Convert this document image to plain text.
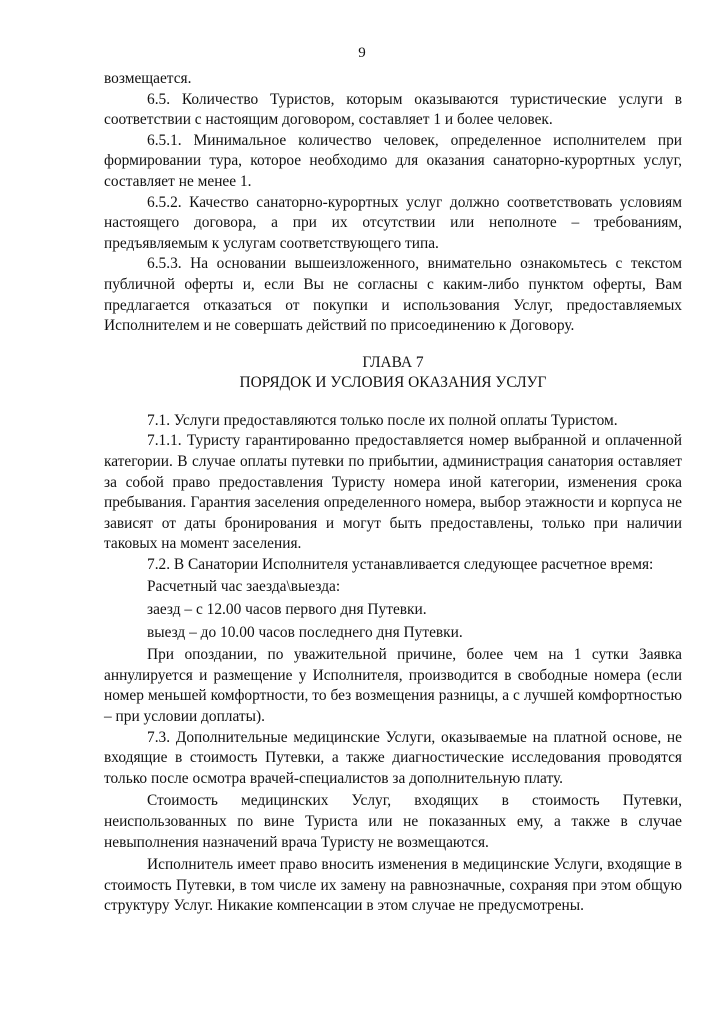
9

возмещается.

6.5. Количество Туристов, которым оказываются туристические услуги в соответствии с настоящим договором, составляет 1 и более человек.

6.5.1. Минимальное количество человек, определенное исполнителем при формировании тура, которое необходимо для оказания санаторно-курортных услуг, составляет не менее 1.

6.5.2. Качество санаторно-курортных услуг должно соответствовать условиям настоящего договора, а при их отсутствии или неполноте – требованиям, предъявляемым к услугам соответствующего типа.

6.5.3. На основании вышеизложенного, внимательно ознакомьтесь с текстом публичной оферты и, если Вы не согласны с каким-либо пунктом оферты, Вам предлагается отказаться от покупки и использования Услуг, предоставляемых Исполнителем и не совершать действий по присоединению к Договору.

ГЛАВА 7
ПОРЯДОК И УСЛОВИЯ ОКАЗАНИЯ УСЛУГ

7.1. Услуги предоставляются только после их полной оплаты Туристом.

7.1.1. Туристу гарантированно предоставляется номер выбранной и оплаченной категории. В случае оплаты путевки по прибытии, администрация санатория оставляет за собой право предоставления Туристу номера иной категории, изменения срока пребывания. Гарантия заселения определенного номера, выбор этажности и корпуса не зависят от даты бронирования и могут быть предоставлены, только при наличии таковых на момент заселения.

7.2. В Санатории Исполнителя устанавливается следующее расчетное время:

Расчетный час заезда\выезда:

заезд – с 12.00 часов первого дня Путевки.

выезд – до 10.00 часов последнего дня Путевки.

При опоздании, по уважительной причине, более чем на 1 сутки Заявка аннулируется и размещение у Исполнителя, производится в свободные номера (если номер меньшей комфортности, то без возмещения разницы, а с лучшей комфортностью – при условии доплаты).

7.3. Дополнительные медицинские Услуги, оказываемые на платной основе, не входящие в стоимость Путевки, а также диагностические исследования проводятся только после осмотра врачей-специалистов за дополнительную плату.

Стоимость медицинских Услуг, входящих в стоимость Путевки, неиспользованных по вине Туриста или не показанных ему, а также в случае невыполнения назначений врача Туристу не возмещаются.

Исполнитель имеет право вносить изменения в медицинские Услуги, входящие в стоимость Путевки, в том числе их замену на равнозначные, сохраняя при этом общую структуру Услуг. Никакие компенсации в этом случае не предусмотрены.
